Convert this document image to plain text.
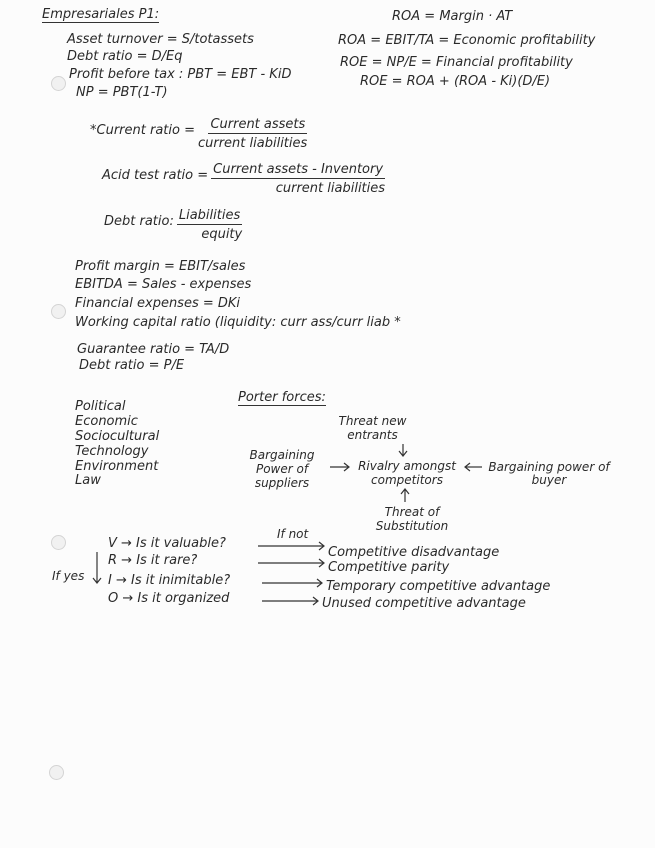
Empresariales P1:	ROA = Margin · AT
Asset turnover = S/totassets
Debt ratio = D/Eq
Profit before tax : PBT = EBT - KiD
NP = PBT(1-T)
ROA = EBIT/TA = Economic profitability
ROE = NP/E = Financial profitability
ROE = ROA + (ROA - Ki)(D/E)
*Current ratio = $\frac{\text{Current assets}}{\text{current liabilities}}$
Acid test ratio = $\frac{\text{Current assets - Inventory}}{\text{current liabilities}}$
Debt ratio: $\frac{\text{Liabilities}}{\text{equity}}$
Profit margin = EBIT/sales
EBITDA = Sales - expenses
Financial expenses = DKi
Working capital ratio (liquidity: curr ass/curr liab *
Guarantee ratio = TA/D
Debt ratio = P/E
Political
Economic
Sociocultural
Technology
Environment
Law
Porter forces:
Threat new entrants
Bargaining Power of suppliers
Rivalry amongst competitors
Bargaining power of buyer
Threat of Substitution
If not
If yes
V → Is it valuable?
R → Is it rare?
I → Is it inimitable?
O → Is it organized
Competitive disadvantage
Competitive parity
Temporary competitive advantage
Unused competitive advantage
